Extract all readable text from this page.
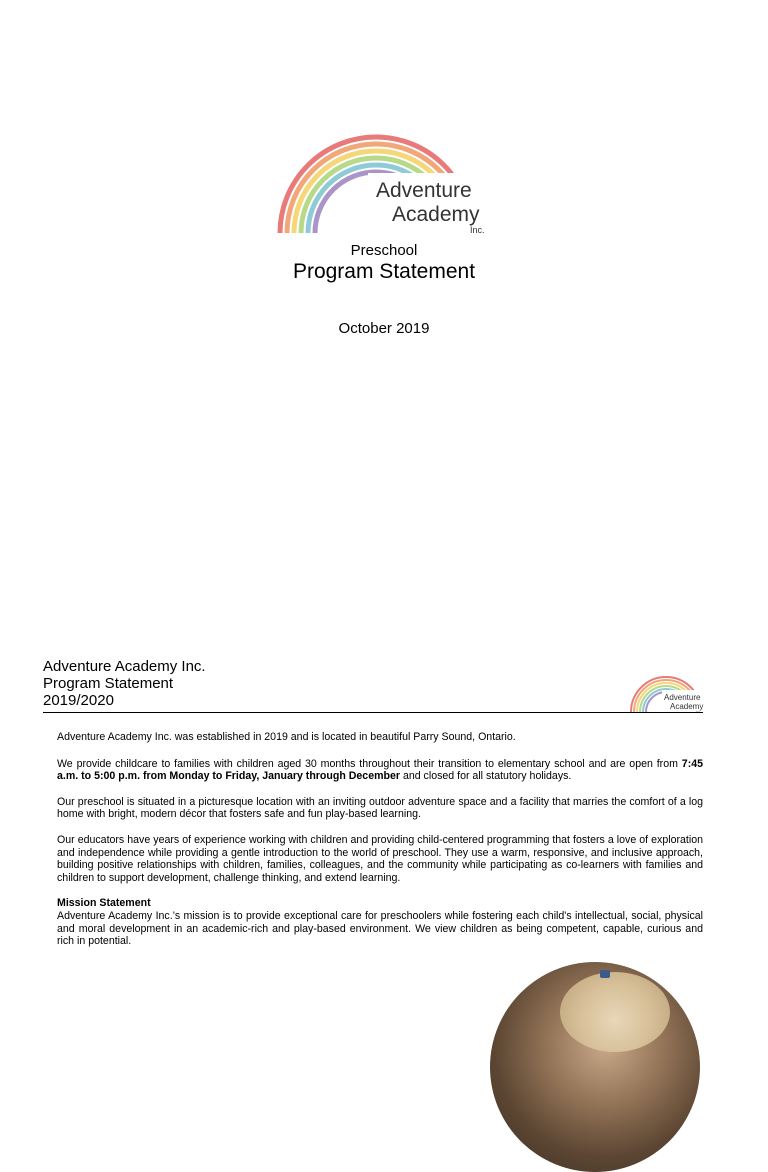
Adventure
Academy
Inc.
Preschool
Program Statement
October 2019
Adventure Academy Inc.
Program Statement
2019/2020	Adventure
Academy

Adventure Academy Inc. was established in 2019 and is located in beautiful Parry Sound, Ontario.

We provide childcare to families with children aged 30 months throughout their transition to elementary school and are open from 7:45 a.m. to 5:00 p.m. from Monday to Friday, January through December and closed for all statutory holidays.

Our preschool is situated in a picturesque location with an inviting outdoor adventure space and a facility that marries the comfort of a log home with bright, modern décor that fosters safe and fun play-based learning.

Our educators have years of experience working with children and providing child-centered programming that fosters a love of exploration and independence while providing a gentle introduction to the world of preschool. They use a warm, responsive, and inclusive approach, building positive relationships with children, families, colleagues, and the community while participating as co-learners with families and children to support development, challenge thinking, and extend learning.

Mission Statement
Adventure Academy Inc.’s mission is to provide exceptional care for preschoolers while fostering each child's intellectual, social, physical and moral development in an academic-rich and play-based environment. We view children as being competent, capable, curious and rich in potential.
